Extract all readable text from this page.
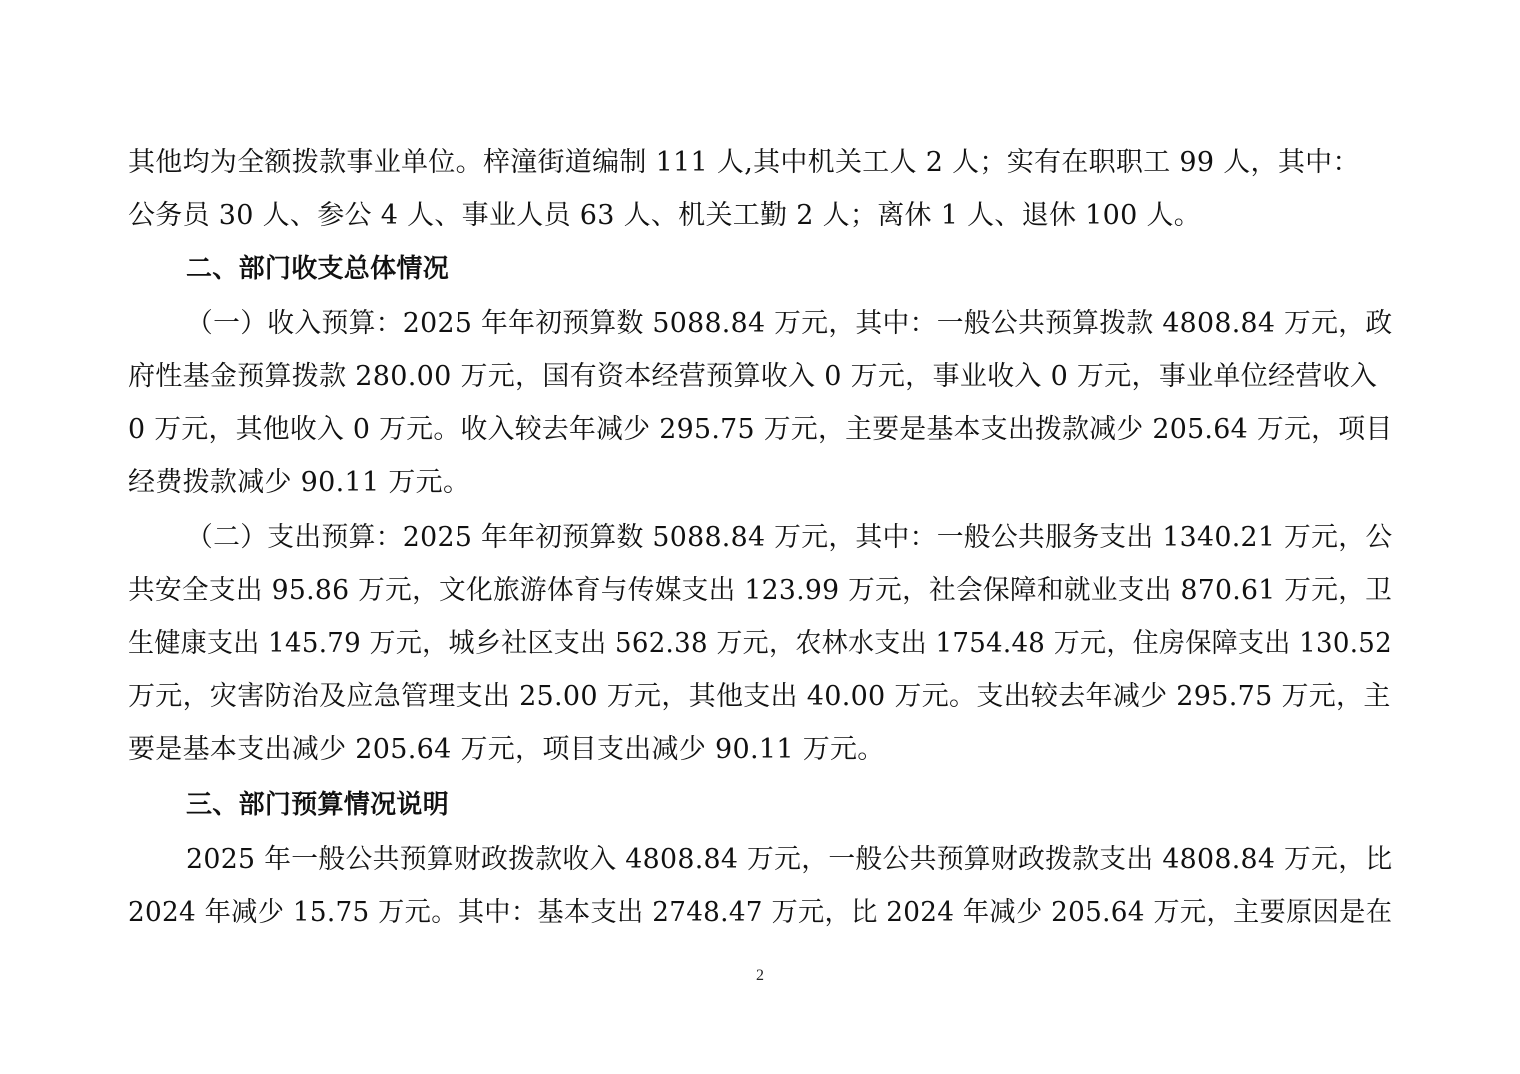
其他均为全额拨款事业单位。梓潼街道编制 111 人,其中机关工人 2 人；实有在职职工 99 人，其中：
公务员 30 人、参公 4 人、事业人员 63 人、机关工勤 2 人；离休 1 人、退休 100 人。
二、部门收支总体情况
（一）收入预算：2025 年年初预算数 5088.84 万元，其中：一般公共预算拨款 4808.84 万元，政
府性基金预算拨款 280.00 万元，国有资本经营预算收入 0 万元，事业收入 0 万元，事业单位经营收入
0 万元，其他收入 0 万元。收入较去年减少 295.75 万元，主要是基本支出拨款减少 205.64 万元，项目
经费拨款减少 90.11 万元。
（二）支出预算：2025 年年初预算数 5088.84 万元，其中：一般公共服务支出 1340.21 万元，公
共安全支出 95.86 万元，文化旅游体育与传媒支出 123.99 万元，社会保障和就业支出 870.61 万元，卫
生健康支出 145.79 万元，城乡社区支出 562.38 万元，农林水支出 1754.48 万元，住房保障支出 130.52
万元，灾害防治及应急管理支出 25.00 万元，其他支出 40.00 万元。支出较去年减少 295.75 万元，主
要是基本支出减少 205.64 万元，项目支出减少 90.11 万元。
三、部门预算情况说明
2025 年一般公共预算财政拨款收入 4808.84 万元，一般公共预算财政拨款支出 4808.84 万元，比
2024 年减少 15.75 万元。其中：基本支出 2748.47 万元，比 2024 年减少 205.64 万元，主要原因是在
2
